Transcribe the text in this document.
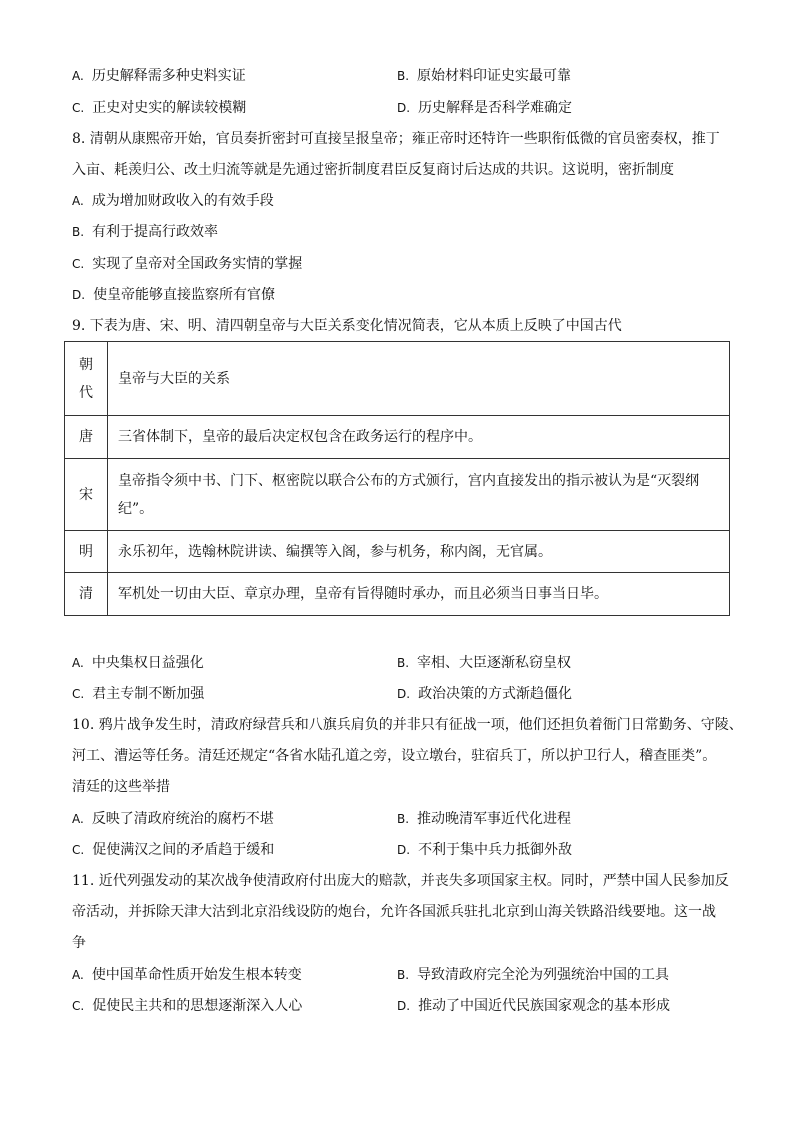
A. 历史解释需多种史料实证	B. 原始材料印证史实最可靠
C. 正史对史实的解读较模糊	D. 历史解释是否科学难确定
8. 清朝从康熙帝开始，官员奏折密封可直接呈报皇帝；雍正帝时还特许一些职衔低微的官员密奏权，推丁
入亩、耗羡归公、改土归流等就是先通过密折制度君臣反复商讨后达成的共识。这说明，密折制度
A. 成为增加财政收入的有效手段
B. 有利于提高行政效率
C. 实现了皇帝对全国政务实情的掌握
D. 使皇帝能够直接监察所有官僚
9. 下表为唐、宋、明、清四朝皇帝与大臣关系变化情况简表，它从本质上反映了中国古代
朝
代	皇帝与大臣的关系
唐	三省体制下，皇帝的最后决定权包含在政务运行的程序中。
宋	皇帝指令须中书、门下、枢密院以联合公布的方式颁行，宫内直接发出的指示被认为是“灭裂纲
纪”。

明	永乐初年，选翰林院讲读、编撰等入阁，参与机务，称内阁，无官属。
清	军机处一切由大臣、章京办理，皇帝有旨得随时承办，而且必须当日事当日毕。
A. 中央集权日益强化	B. 宰相、大臣逐渐私窃皇权
C. 君主专制不断加强	D. 政治决策的方式渐趋僵化
10. 鸦片战争发生时，清政府绿营兵和八旗兵肩负的并非只有征战一项，他们还担负着衙门日常勤务、守陵、
河工、漕运等任务。清廷还规定“各省水陆孔道之旁，设立墩台，驻宿兵丁，所以护卫行人，稽查匪类”。
清廷的这些举措
A. 反映了清政府统治的腐朽不堪	B. 推动晚清军事近代化进程
C. 促使满汉之间的矛盾趋于缓和	D. 不利于集中兵力抵御外敌
11. 近代列强发动的某次战争使清政府付出庞大的赔款，并丧失多项国家主权。同时，严禁中国人民参加反
帝活动，并拆除天津大沽到北京沿线设防的炮台，允许各国派兵驻扎北京到山海关铁路沿线要地。这一战
争
A. 使中国革命性质开始发生根本转变	B. 导致清政府完全沦为列强统治中国的工具
C. 促使民主共和的思想逐渐深入人心	D. 推动了中国近代民族国家观念的基本形成
